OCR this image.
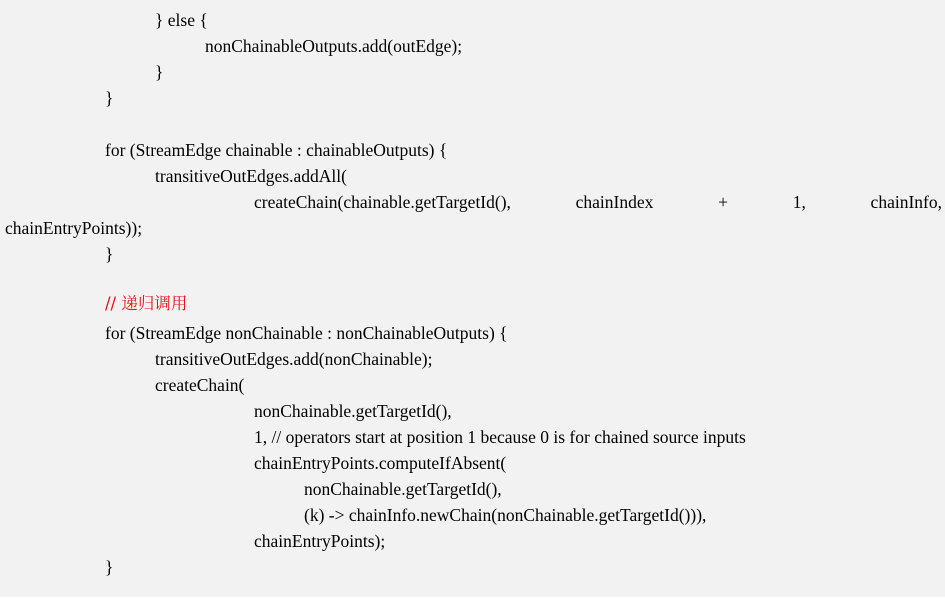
} else {
nonChainableOutputs.add(outEdge);
}
}
for (StreamEdge chainable : chainableOutputs) {
transitiveOutEdges.addAll(
createChain(chainable.getTargetId(),	chainIndex	+	1,	chainInfo,
chainEntryPoints));
}
// 递归调用
for (StreamEdge nonChainable : nonChainableOutputs) {
transitiveOutEdges.add(nonChainable);
createChain(
nonChainable.getTargetId(),
1, // operators start at position 1 because 0 is for chained source inputs
chainEntryPoints.computeIfAbsent(
nonChainable.getTargetId(),
(k) -> chainInfo.newChain(nonChainable.getTargetId())),
chainEntryPoints);
}
